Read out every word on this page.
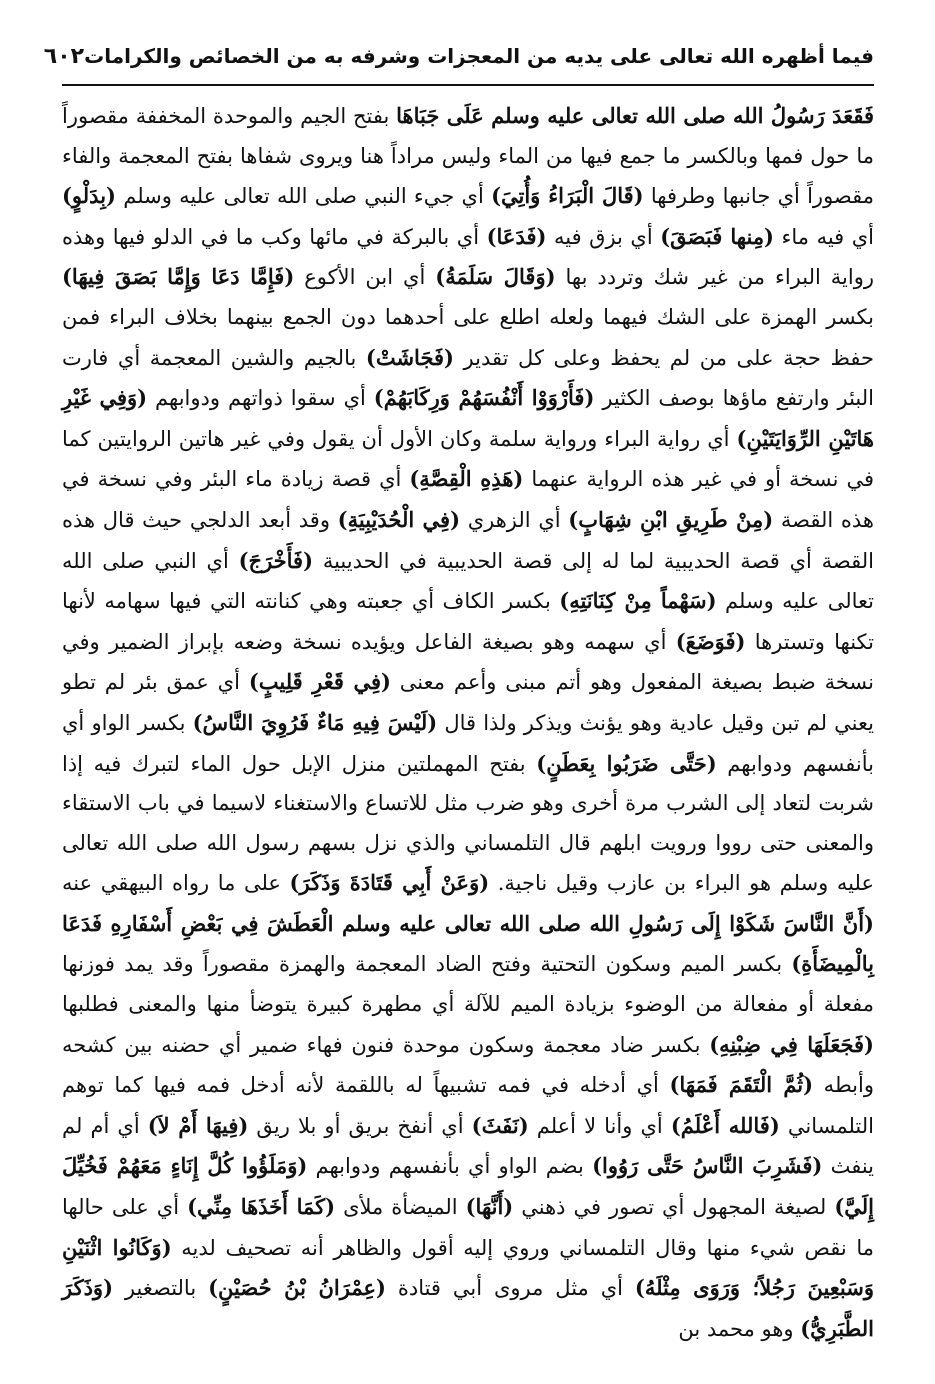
فيما أظهره الله تعالى على يديه من المعجزات وشرفه به من الخصائص والكرامات
٦٠٢

فَقَعَدَ رَسُولُ الله صلى الله تعالى عليه وسلم عَلَى جَبَاهَا بفتح الجيم والموحدة المخففة مقصوراً ما حول فمها وبالكسر ما جمع فيها من الماء وليس مراداً هنا ويروى شفاها بفتح المعجمة والفاء مقصوراً أي جانبها وطرفها (قَالَ الْبَرَاءُ وَأُتِيَ) أي جيء النبي صلى الله تعالى عليه وسلم (بِدَلْوٍ) أي فيه ماء (مِنها فَبَصَقَ) أي بزق فيه (فَدَعَا) أي بالبركة في مائها وكب ما في الدلو فيها وهذه رواية البراء من غير شك وتردد بها (وَقَالَ سَلَمَةُ) أي ابن الأكوع (فَإِمَّا دَعَا وَإِمَّا بَصَقَ فِيهَا) بكسر الهمزة على الشك فيهما ولعله اطلع على أحدهما دون الجمع بينهما بخلاف البراء فمن حفظ حجة على من لم يحفظ وعلى كل تقدير (فَجَاشَتْ) بالجيم والشين المعجمة أي فارت البئر وارتفع ماؤها بوصف الكثير (فَأَرْوَوْا أَنْفُسَهُمْ وَرِكَابَهُمْ) أي سقوا ذواتهم ودوابهم (وَفِي غَيْرِ هَاتَيْنِ الرِّوَايَتَيْنِ) أي رواية البراء ورواية سلمة وكان الأول أن يقول وفي غير هاتين الروايتين كما في نسخة أو في غير هذه الرواية عنهما (هَذِهِ الْقِصَّةِ) أي قصة زيادة ماء البئر وفي نسخة في هذه القصة (مِنْ طَرِيقِ ابْنِ شِهَابٍ) أي الزهري (فِي الْحُدَيْبِيَةِ) وقد أبعد الدلجي حيث قال هذه القصة أي قصة الحديبية لما له إلى قصة الحديبية في الحديبية (فَأَخْرَجَ) أي النبي صلى الله تعالى عليه وسلم (سَهْماً مِنْ كِنَانَتِهِ) بكسر الكاف أي جعبته وهي كنانته التي فيها سهامه لأنها تكنها وتسترها (فَوَضَعَ) أي سهمه وهو بصيغة الفاعل ويؤيده نسخة وضعه بإبراز الضمير وفي نسخة ضبط بصيغة المفعول وهو أتم مبنى وأعم معنى (فِي قَعْرِ قَلِيبٍ) أي عمق بئر لم تطو يعني لم تبن وقيل عادية وهو يؤنث ويذكر ولذا قال (لَيْسَ فِيهِ مَاءٌ فَرُوِيَ النَّاسُ) بكسر الواو أي بأنفسهم ودوابهم (حَتَّى ضَرَبُوا بِعَطَنٍ) بفتح المهملتين منزل الإبل حول الماء لتبرك فيه إذا شربت لتعاد إلى الشرب مرة أخرى وهو ضرب مثل للاتساع والاستغناء لاسيما في باب الاستقاء والمعنى حتى رووا ورويت ابلهم قال التلمساني والذي نزل بسهم رسول الله صلى الله تعالى عليه وسلم هو البراء بن عازب وقيل ناجية. (وَعَنْ أَبِي قَتَادَةَ وَذَكَرَ) على ما رواه البيهقي عنه (أَنَّ النَّاسَ شَكَوْا إِلَى رَسُولِ الله صلى الله تعالى عليه وسلم الْعَطَشَ فِي بَعْضِ أَسْفَارِهِ فَدَعَا بِالْمِيضَأَةِ) بكسر الميم وسكون التحتية وفتح الضاد المعجمة والهمزة مقصوراً وقد يمد فوزنها مفعلة أو مفعالة من الوضوء بزيادة الميم للآلة أي مطهرة كبيرة يتوضأ منها والمعنى فطلبها (فَجَعَلَهَا فِي ضِبْنِهِ) بكسر ضاد معجمة وسكون موحدة فنون فهاء ضمير أي حضنه بين كشحه وأبطه (ثُمَّ الْتَقَمَ فَمَهَا) أي أدخله في فمه تشبيهاً له باللقمة لأنه أدخل فمه فيها كما توهم التلمساني (فَالله أَعْلَمُ) أي وأنا لا أعلم (نَفَثَ) أي أنفخ بريق أو بلا ريق (فِيهَا أَمْ لاَ) أي أم لم ينفث (فَشَرِبَ النَّاسُ حَتَّى رَوُوا) بضم الواو أي بأنفسهم ودوابهم (وَمَلَؤُوا كُلَّ إِنَاءٍ مَعَهُمْ فَخُيِّلَ إِلَيَّ) لصيغة المجهول أي تصور في ذهني (أَنَّهَا) الميضأة ملأى (كَمَا أَخَذَهَا مِنِّي) أي على حالها ما نقص شيء منها وقال التلمساني وروي إليه أقول والظاهر أنه تصحيف لديه (وَكَانُوا اثْنَيْنِ وَسَبْعِينَ رَجُلاً؛ وَرَوَى مِثْلَهُ) أي مثل مروى أبي قتادة (عِمْرَانُ بْنُ حُصَيْنٍ) بالتصغير (وَذَكَرَ الطَّبَرِيُّ) وهو محمد بن
